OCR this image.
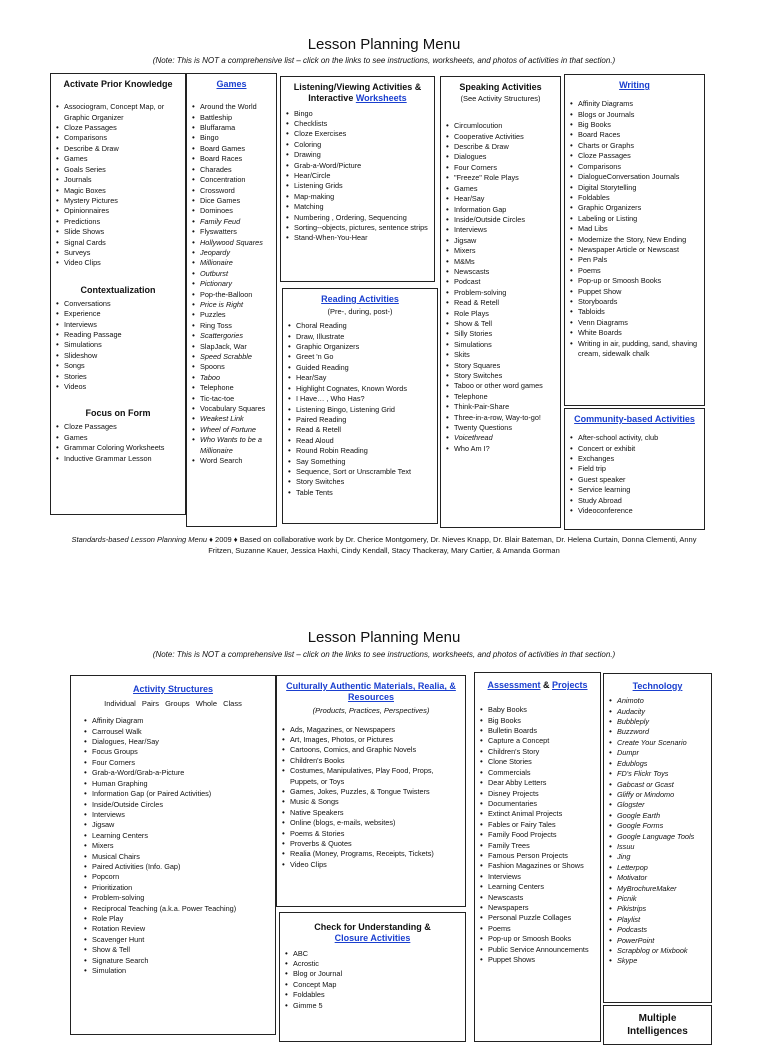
Lesson Planning Menu
(Note: This is NOT a comprehensive list – click on the links to see instructions, worksheets, and photos of activities in that section.)
Activate Prior Knowledge
• Associogram, Concept Map, or Graphic Organizer
• Cloze Passages
• Comparisons
• Describe & Draw
• Games
• Goals Series
• Journals
• Magic Boxes
• Mystery Pictures
• Opinionnaires
• Predictions
• Slide Shows
• Signal Cards
• Surveys
• Video Clips
Contextualization
• Conversations
• Experience
• Interviews
• Reading Passage
• Simulations
• Slideshow
• Songs
• Stories
• Videos
Focus on Form
• Cloze Passages
• Games
• Grammar Coloring Worksheets
• Inductive Grammar Lesson
Games
• Around the World
• Battleship
• Bluffarama
• Bingo
• Board Games
• Board Races
• Charades
• Concentration
• Crossword
• Dice Games
• Dominoes
• Family Feud
• Flyswatters
• Hollywood Squares
• Jeopardy
• Millionaire
• Outburst
• Pictionary
• Pop-the-Balloon
• Price is Right
• Puzzles
• Ring Toss
• Scattergories
• SlapJack, War
• Speed Scrabble
• Spoons
• Taboo
• Telephone
• Tic-tac-toe
• Vocabulary Squares
• Weakest Link
• Wheel of Fortune
• Who Wants to be a Millionaire
• Word Search
Listening/Viewing Activities & Interactive Worksheets
• Bingo
• Checklists
• Cloze Exercises
• Coloring
• Drawing
• Grab-a-Word/Picture
• Hear/Circle
• Listening Grids
• Map-making
• Matching
• Numbering , Ordering, Sequencing
• Sorting--objects, pictures, sentence strips
• Stand-When-You-Hear
Reading Activities
(Pre-, during, post-)
• Choral Reading
• Draw, Illustrate
• Graphic Organizers
• Greet 'n Go
• Guided Reading
• Hear/Say
• Highlight Cognates, Known Words
• I Have… , Who Has?
• Listening Bingo, Listening Grid
• Paired Reading
• Read & Retell
• Read Aloud
• Round Robin Reading
• Say Something
• Sequence, Sort or Unscramble Text
• Story Switches
• Table Tents
Speaking Activities
(See Activity Structures)
• Circumlocution
• Cooperative Activities
• Describe & Draw
• Dialogues
• Four Corners
• "Freeze" Role Plays
• Games
• Hear/Say
• Information Gap
• Inside/Outside Circles
• Interviews
• Jigsaw
• Mixers
• M&Ms
• Newscasts
• Podcast
• Problem-solving
• Read & Retell
• Role Plays
• Show & Tell
• Silly Stories
• Simulations
• Skits
• Story Squares
• Story Switches
• Taboo or other word games
• Telephone
• Think-Pair-Share
• Three-in-a-row, Way-to-go!
• Twenty Questions
• Voicethread
• Who Am I?
Writing
• Affinity Diagrams
• Blogs or Journals
• Big Books
• Board Races
• Charts or Graphs
• Cloze Passages
• Comparisons
• DialogueConversation Journals
• Digital Storytelling
• Foldables
• Graphic Organizers
• Labeling or Listing
• Mad Libs
• Modernize the Story, New Ending
• Newspaper Article or Newscast
• Pen Pals
• Poems
• Pop-up or Smoosh Books
• Puppet Show
• Storyboards
• Tabloids
• Venn Diagrams
• White Boards
• Writing in air, pudding, sand, shaving cream, sidewalk chalk
Community-based Activities
• After-school activity, club
• Concert or exhibit
• Exchanges
• Field trip
• Guest speaker
• Service learning
• Study Abroad
• Videoconference
Standards-based Lesson Planning Menu ♦ 2009 ♦ Based on collaborative work by Dr. Cherice Montgomery, Dr. Nieves Knapp, Dr. Blair Bateman, Dr. Helena Curtain, Donna Clementi, Anny Fritzen, Suzanne Kauer, Jessica Haxhi, Cindy Kendall, Stacy Thackeray, Mary Cartier, & Amanda Gorman
Lesson Planning Menu
(Note: This is NOT a comprehensive list – click on the links to see instructions, worksheets, and photos of activities in that section.)
Activity Structures
Individual Pairs Groups Whole Class
• Affinity Diagram
• Carrousel Walk
• Dialogues, Hear/Say
• Focus Groups
• Four Corners
• Grab-a-Word/Grab-a-Picture
• Human Graphing
• Information Gap (or Paired Activities)
• Inside/Outside Circles
• Interviews
• Jigsaw
• Learning Centers
• Mixers
• Musical Chairs
• Paired Activities (Info. Gap)
• Popcorn
• Prioritization
• Problem-solving
• Reciprocal Teaching (a.k.a. Power Teaching)
• Role Play
• Rotation Review
• Scavenger Hunt
• Show & Tell
• Signature Search
• Simulation
Culturally Authentic Materials, Realia, & Resources
(Products, Practices, Perspectives)
• Ads, Magazines, or Newspapers
• Art, Images, Photos, or Pictures
• Cartoons, Comics, and Graphic Novels
• Children's Books
• Costumes, Manipulatives, Play Food, Props, Puppets, or Toys
• Games, Jokes, Puzzles, & Tongue Twisters
• Music & Songs
• Native Speakers
• Online (blogs, e-mails, websites)
• Poems & Stories
• Proverbs & Quotes
• Realia (Money, Programs, Receipts, Tickets)
• Video Clips
Check for Understanding &
Closure Activities
• ABC
• Acrostic
• Blog or Journal
• Concept Map
• Foldables
• Gimme 5
Assessment & Projects
• Baby Books
• Big Books
• Bulletin Boards
• Capture a Concept
• Children's Story
• Clone Stories
• Commercials
• Dear Abby Letters
• Disney Projects
• Documentaries
• Extinct Animal Projects
• Fables or Fairy Tales
• Family Food Projects
• Family Trees
• Famous Person Projects
• Fashion Magazines or Shows
• Interviews
• Learning Centers
• Newscasts
• Newspapers
• Personal Puzzle Collages
• Poems
• Pop-up or Smoosh Books
• Public Service Announcements
• Puppet Shows
Technology
• Animoto
• Audacity
• Bubbleply
• Buzzword
• Create Your Scenario
• Dumpr
• Edublogs
• FD's Flickr Toys
• Gabcast or Gcast
• Gliffy or Mindomo
• Glogster
• Google Earth
• Google Forms
• Google Language Tools
• Issuu
• Jing
• Letterpop
• Motivator
• MyBrochureMaker
• Picnik
• Pikistrips
• Playlist
• Podcasts
• PowerPoint
• Scrapblog or Mixbook
• Skype
Multiple Intelligences
